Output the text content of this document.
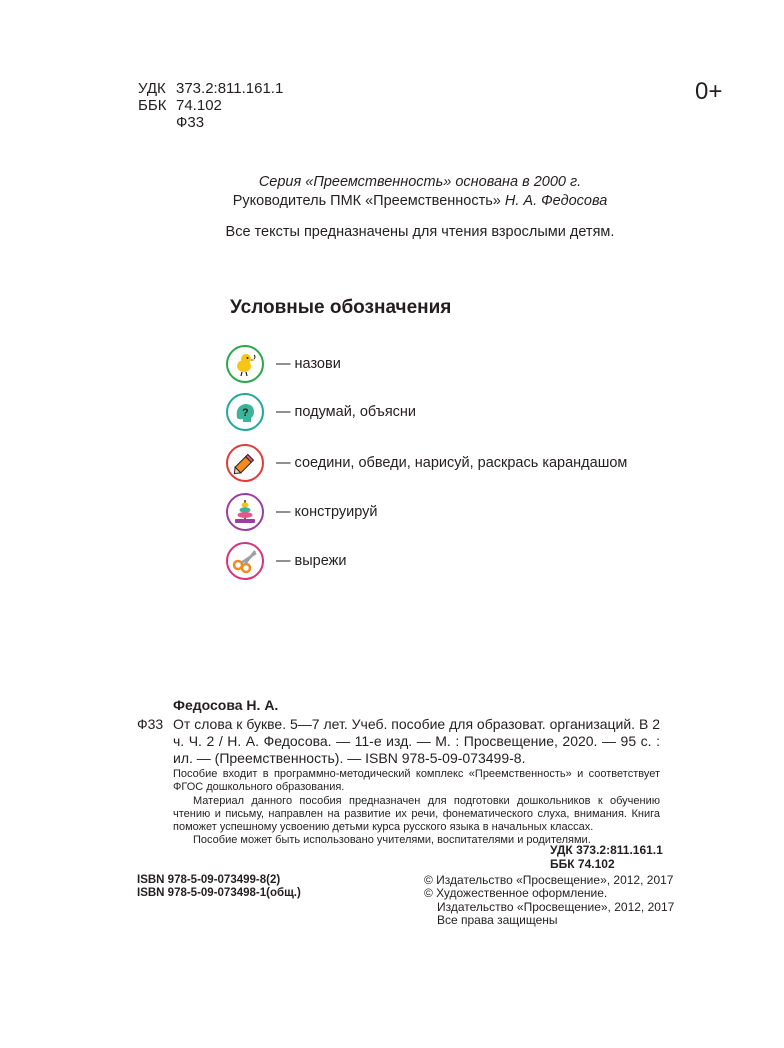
УДК 373.2:811.161.1
ББК 74.102
Ф33
0+
Серия «Преемственность» основана в 2000 г.
Руководитель ПМК «Преемственность» Н. А. Федосова
Все тексты предназначены для чтения взрослыми детям.
Условные обозначения
— назови
? — подумай, объясни
— соедини, обведи, нарисуй, раскрась карандашом
— конструируй
— вырежи
Федосова Н. А.
Ф33 От слова к букве. 5—7 лет. Учеб. пособие для образоват. организаций. В 2 ч. Ч. 2 / Н. А. Федосова. — 11-е изд. — М. : Просвещение, 2020. — 95 с. : ил. — (Преемственность). — ISBN 978-5-09-073499-8.

Пособие входит в программно-методический комплекс «Преемственность» и соответствует ФГОС дошкольного образования.

Материал данного пособия предназначен для подготовки дошкольников к обучению чтению и письму, направлен на развитие их речи, фонематического слуха, внимания. Книга поможет успешному усвоению детьми курса русского языка в начальных классах.

Пособие может быть использовано учителями, воспитателями и родителями.

УДК 373.2:811.161.1
ББК 74.102
ISBN 978-5-09-073499-8(2)
ISBN 978-5-09-073498-1(общ.)
© Издательство «Просвещение», 2012, 2017
© Художественное оформление.
Издательство «Просвещение», 2012, 2017
Все права защищены
